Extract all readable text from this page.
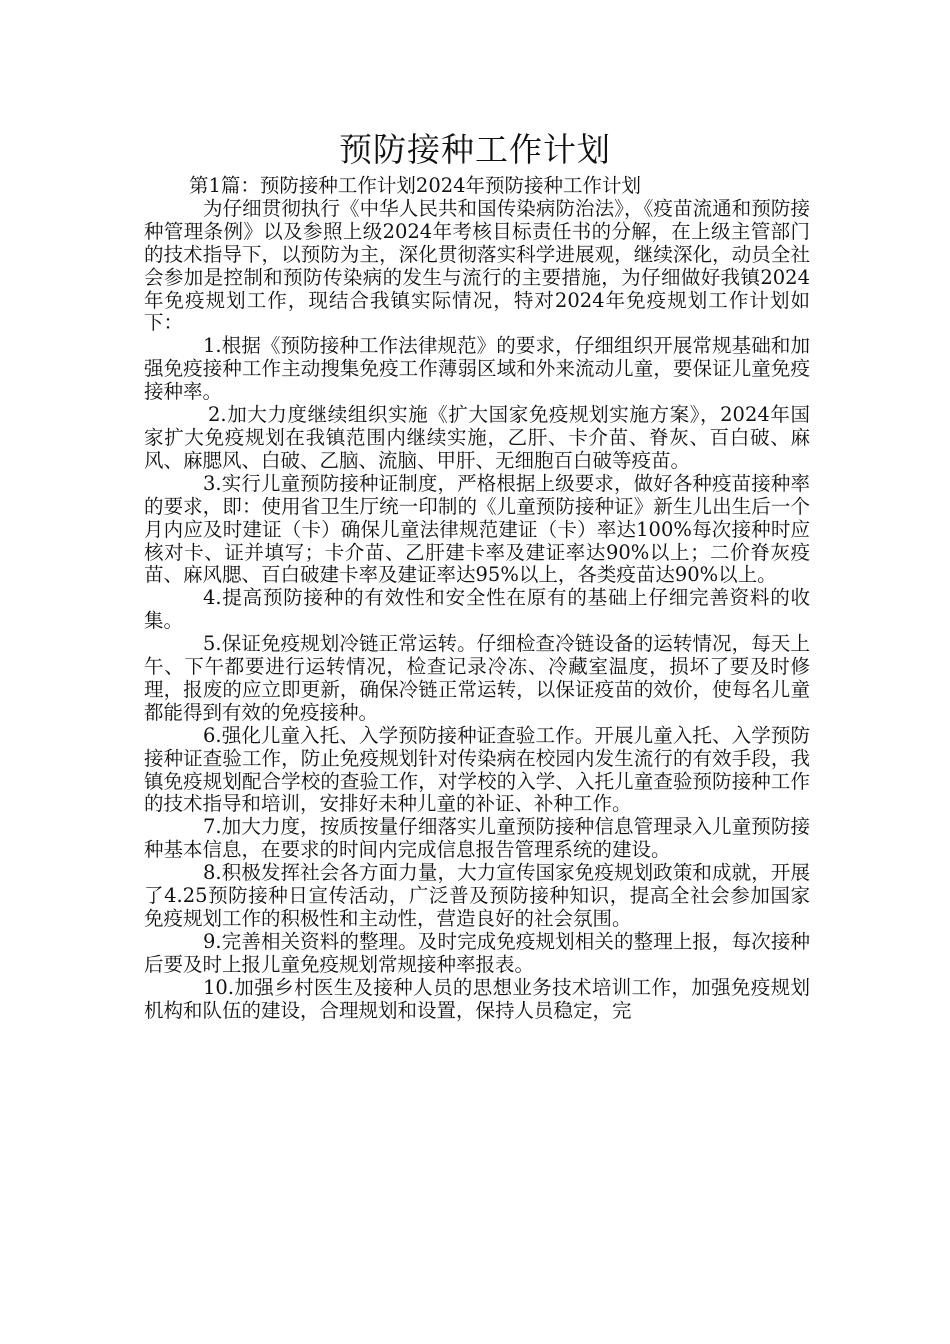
预防接种工作计划

第1篇：预防接种工作计划2024年预防接种工作计划

为仔细贯彻执行《中华人民共和国传染病防治法》，《疫苗流通和预防接种管理条例》以及参照上级2024年考核目标责任书的分解，在上级主管部门的技术指导下，以预防为主，深化贯彻落实科学进展观，继续深化，动员全社会参加是控制和预防传染病的发生与流行的主要措施，为仔细做好我镇2024年免疫规划工作，现结合我镇实际情况，特对2024年免疫规划工作计划如下：

1.根据《预防接种工作法律规范》的要求，仔细组织开展常规基础和加强免疫接种工作主动搜集免疫工作薄弱区域和外来流动儿童，要保证儿童免疫接种率。

2.加大力度继续组织实施《扩大国家免疫规划实施方案》，2024年国家扩大免疫规划在我镇范围内继续实施，乙肝、卡介苗、脊灰、百白破、麻风、麻腮风、白破、乙脑、流脑、甲肝、无细胞百白破等疫苗。

3.实行儿童预防接种证制度，严格根据上级要求，做好各种疫苗接种率的要求，即：使用省卫生厅统一印制的《儿童预防接种证》新生儿出生后一个月内应及时建证（卡）确保儿童法律规范建证（卡）率达100%每次接种时应核对卡、证并填写；卡介苗、乙肝建卡率及建证率达90%以上；二价脊灰疫苗、麻风腮、百白破建卡率及建证率达95%以上，各类疫苗达90%以上。

4.提高预防接种的有效性和安全性在原有的基础上仔细完善资料的收集。

5.保证免疫规划冷链正常运转。仔细检查冷链设备的运转情况，每天上午、下午都要进行运转情况，检查记录冷冻、冷藏室温度，损坏了要及时修理，报废的应立即更新，确保冷链正常运转，以保证疫苗的效价，使每名儿童都能得到有效的免疫接种。

6.强化儿童入托、入学预防接种证查验工作。开展儿童入托、入学预防接种证查验工作，防止免疫规划针对传染病在校园内发生流行的有效手段，我镇免疫规划配合学校的查验工作，对学校的入学、入托儿童查验预防接种工作的技术指导和培训，安排好未种儿童的补证、补种工作。

7.加大力度，按质按量仔细落实儿童预防接种信息管理录入儿童预防接种基本信息，在要求的时间内完成信息报告管理系统的建设。

8.积极发挥社会各方面力量，大力宣传国家免疫规划政策和成就，开展了4.25预防接种日宣传活动，广泛普及预防接种知识，提高全社会参加国家免疫规划工作的积极性和主动性，营造良好的社会氛围。

9.完善相关资料的整理。及时完成免疫规划相关的整理上报，每次接种后要及时上报儿童免疫规划常规接种率报表。

10.加强乡村医生及接种人员的思想业务技术培训工作，加强免疫规划机构和队伍的建设，合理规划和设置，保持人员稳定，完
